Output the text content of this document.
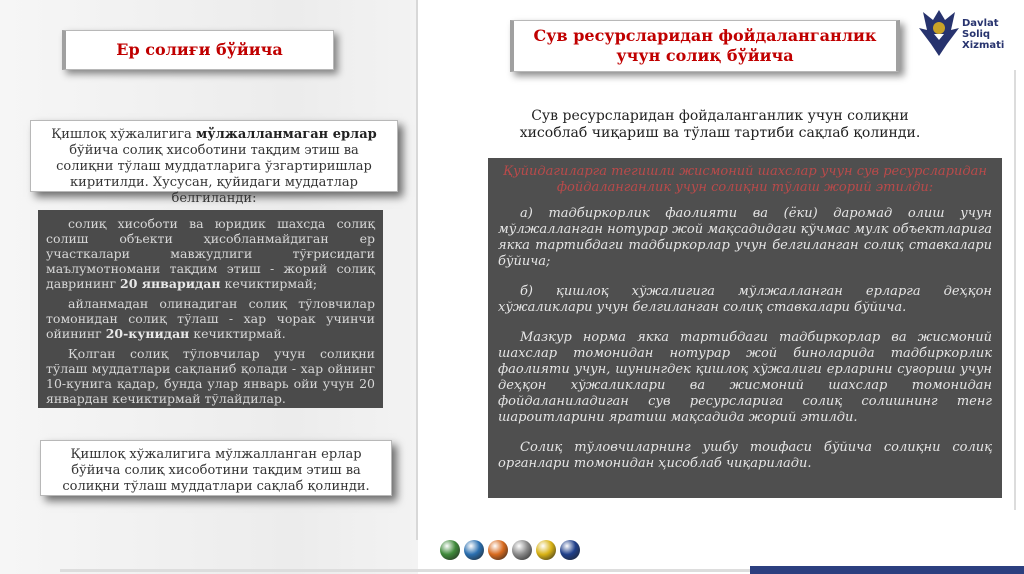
Ер солиғи бўйича
Сув ресурсларидан фойдаланганлик
учун солиқ бўйича
Қишлоқ хўжалигига мўлжалланмаган ерлар бўйича солиқ хисоботини тақдим этиш ва солиқни тўлаш муддатларига ўзгартиришлар киритилди. Хусусан, қуйидаги муддатлар белгиланди:

солиқ хисоботи ва юридик шахсда солиқ солиш объекти ҳисобланмайдиган ер участкалари мавжудлиги тўғрисидаги маълумотномани тақдим этиш - жорий солиқ даврининг 20 январидан кечиктирмай;

айланмадан олинадиган солиқ тўловчилар томонидан солиқ тўлаш - хар чорак учинчи ойининг 20-кунидан кечиктирмай.

Қолган солиқ тўловчилар учун солиқни тўлаш муддатлари сақланиб қолади - хар ойнинг 10-кунига қадар, бунда улар январь ойи учун 20 январдан кечиктирмай тўлайдилар.

Қишлоқ хўжалигига мўлжалланган ерлар бўйича солиқ хисоботини тақдим этиш ва солиқни тўлаш муддатлари сақлаб қолинди.
Сув ресурсларидан фойдаланганлик учун солиқни хисоблаб чиқариш ва тўлаш тартиби сақлаб қолинди.

Қуйидагиларга тегишли жисмоний шахслар учун сув ресурсларидан фойдаланганлик учун солиқни тўлаш жорий этилди:

а) тадбиркорлик фаолияти ва (ёки) даромад олиш учун мўлжалланган нотурар жой мақсадидаги кўчмас мулк объектларига якка тартибдаги тадбиркорлар учун белгиланган солиқ ставкалари бўйича;

б) қишлоқ хўжалигига мўлжалланган ерларга деҳқон хўжаликлари учун белгиланган солиқ ставкалари бўйича.

Мазкур норма якка тартибдаги тадбиркорлар ва жисмоний шахслар томонидан нотурар жой биноларида тадбиркорлик фаолияти учун, шунингдек қишлоқ хўжалиги ерларини суғориш учун деҳқон хўжаликлари ва жисмоний шахслар томонидан фойдаланиладиган сув ресурсларига солиқ солишнинг тенг шароитларини яратиш мақсадида жорий этилди.

Солиқ тўловчиларнинг ушбу тоифаси бўйича солиқни солиқ органлари томонидан ҳисоблаб чиқарилади.

Davlat
Soliq
Xizmati
